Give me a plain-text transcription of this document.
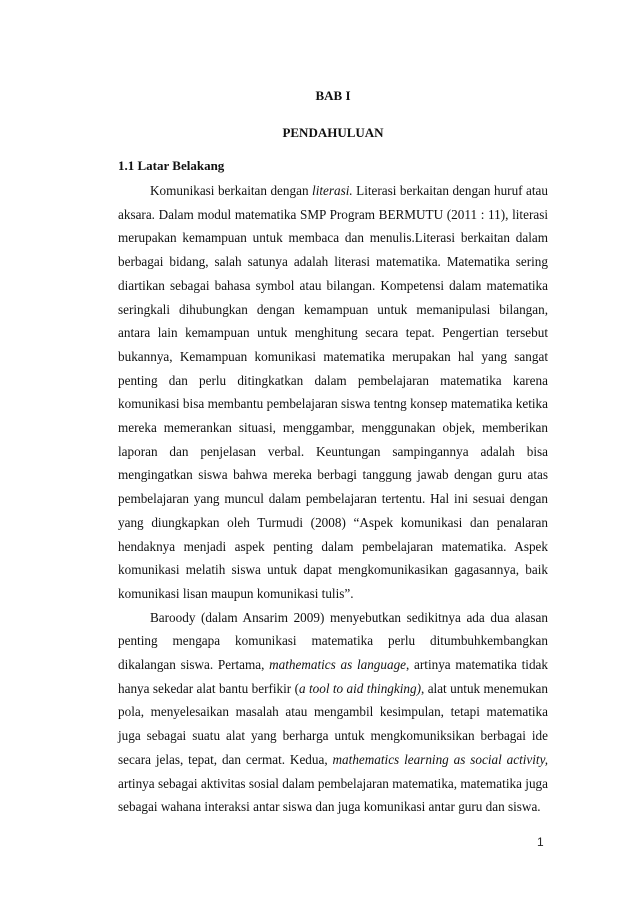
BAB I
PENDAHULUAN
1.1 Latar Belakang

Komunikasi berkaitan dengan literasi. Literasi berkaitan dengan huruf atau aksara. Dalam modul matematika SMP Program BERMUTU (2011 : 11), literasi merupakan kemampuan untuk membaca dan menulis.Literasi berkaitan dalam berbagai bidang, salah satunya adalah literasi matematika. Matematika sering diartikan sebagai bahasa symbol atau bilangan. Kompetensi dalam matematika seringkali dihubungkan dengan kemampuan untuk memanipulasi bilangan, antara lain kemampuan untuk menghitung secara tepat. Pengertian tersebut bukannya, Kemampuan komunikasi matematika merupakan hal yang sangat penting dan perlu ditingkatkan dalam pembelajaran matematika karena komunikasi bisa membantu pembelajaran siswa tentng konsep matematika ketika mereka memerankan situasi, menggambar, menggunakan objek, memberikan laporan dan penjelasan verbal. Keuntungan sampingannya adalah bisa mengingatkan siswa bahwa mereka berbagi tanggung jawab dengan guru atas pembelajaran yang muncul dalam pembelajaran tertentu. Hal ini sesuai dengan yang diungkapkan oleh Turmudi (2008) “Aspek komunikasi dan penalaran hendaknya menjadi aspek penting dalam pembelajaran matematika. Aspek komunikasi melatih siswa untuk dapat mengkomunikasikan gagasannya, baik komunikasi lisan maupun komunikasi tulis”.

Baroody (dalam Ansarim 2009) menyebutkan sedikitnya ada dua alasan penting mengapa komunikasi matematika perlu ditumbuhkembangkan dikalangan siswa. Pertama, mathematics as language, artinya matematika tidak hanya sekedar alat bantu berfikir (a tool to aid thingking), alat untuk menemukan pola, menyelesaikan masalah atau mengambil kesimpulan, tetapi matematika juga sebagai suatu alat yang berharga untuk mengkomuniksikan berbagai ide secara jelas, tepat, dan cermat. Kedua, mathematics learning as social activity, artinya sebagai aktivitas sosial dalam pembelajaran matematika, matematika juga sebagai wahana interaksi antar siswa dan juga komunikasi antar guru dan siswa.

1
